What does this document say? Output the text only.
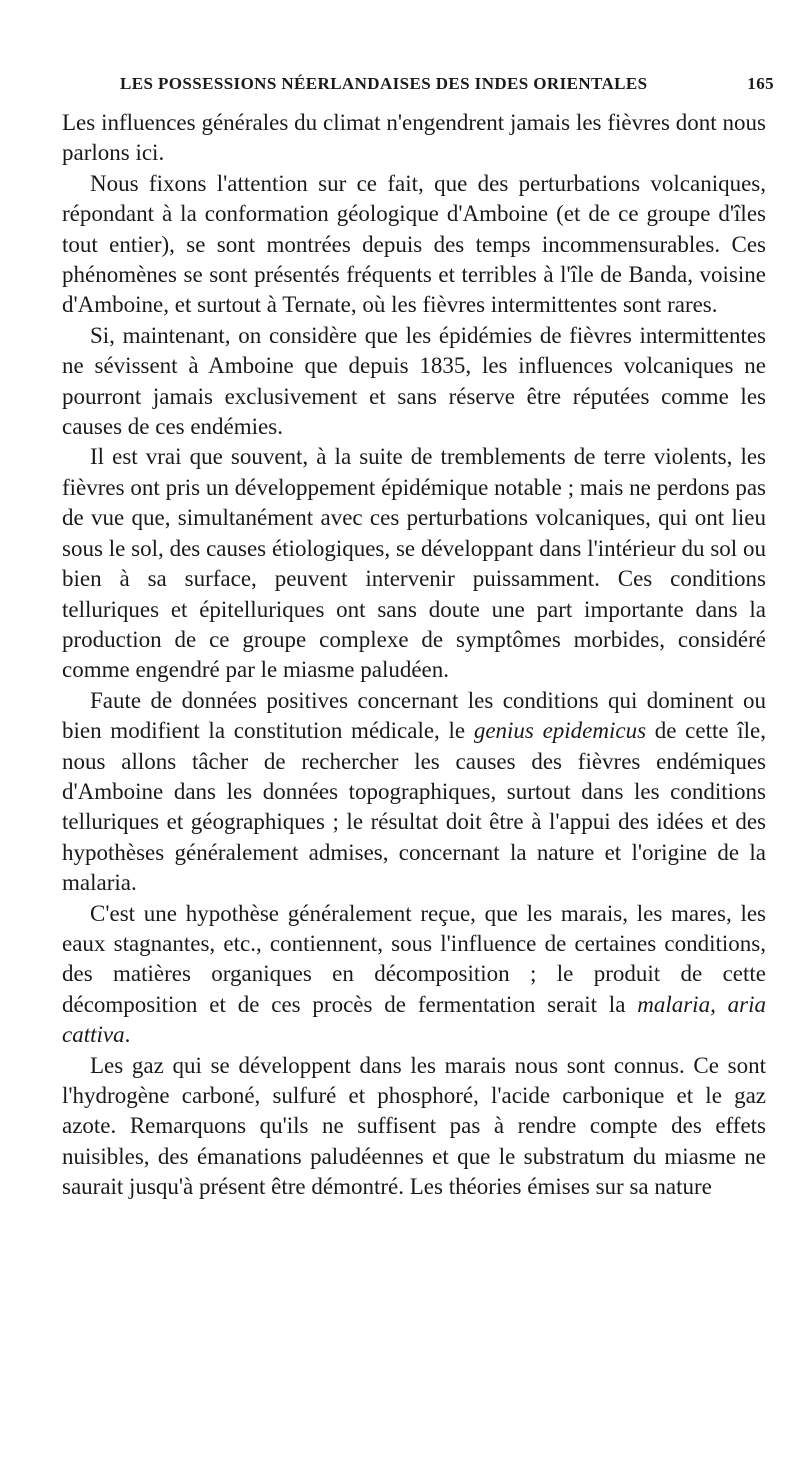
LES POSSESSIONS NÉERLANDAISES DES INDES ORIENTALES	165

Les influences générales du climat n'engendrent jamais les fièvres dont nous parlons ici.

Nous fixons l'attention sur ce fait, que des perturbations volcaniques, répondant à la conformation géologique d'Amboine (et de ce groupe d'îles tout entier), se sont montrées depuis des temps incommensurables. Ces phénomènes se sont présentés fréquents et terribles à l'île de Banda, voisine d'Amboine, et surtout à Ternate, où les fièvres intermittentes sont rares.

Si, maintenant, on considère que les épidémies de fièvres intermittentes ne sévissent à Amboine que depuis 1835, les influences volcaniques ne pourront jamais exclusivement et sans réserve être réputées comme les causes de ces endémies.

Il est vrai que souvent, à la suite de tremblements de terre violents, les fièvres ont pris un développement épidémique notable ; mais ne perdons pas de vue que, simultanément avec ces perturbations volcaniques, qui ont lieu sous le sol, des causes étiologiques, se développant dans l'intérieur du sol ou bien à sa surface, peuvent intervenir puissamment. Ces conditions telluriques et épitelluriques ont sans doute une part importante dans la production de ce groupe complexe de symptômes morbides, considéré comme engendré par le miasme paludéen.

Faute de données positives concernant les conditions qui dominent ou bien modifient la constitution médicale, le genius epidemicus de cette île, nous allons tâcher de rechercher les causes des fièvres endémiques d'Amboine dans les données topographiques, surtout dans les conditions telluriques et géographiques ; le résultat doit être à l'appui des idées et des hypothèses généralement admises, concernant la nature et l'origine de la malaria.

C'est une hypothèse généralement reçue, que les marais, les mares, les eaux stagnantes, etc., contiennent, sous l'influence de certaines conditions, des matières organiques en décomposition ; le produit de cette décomposition et de ces procès de fermentation serait la malaria, aria cattiva.

Les gaz qui se développent dans les marais nous sont connus. Ce sont l'hydrogène carboné, sulfuré et phosphoré, l'acide carbonique et le gaz azote. Remarquons qu'ils ne suffisent pas à rendre compte des effets nuisibles, des émanations paludéennes et que le substratum du miasme ne saurait jusqu'à présent être démontré. Les théories émises sur sa nature
